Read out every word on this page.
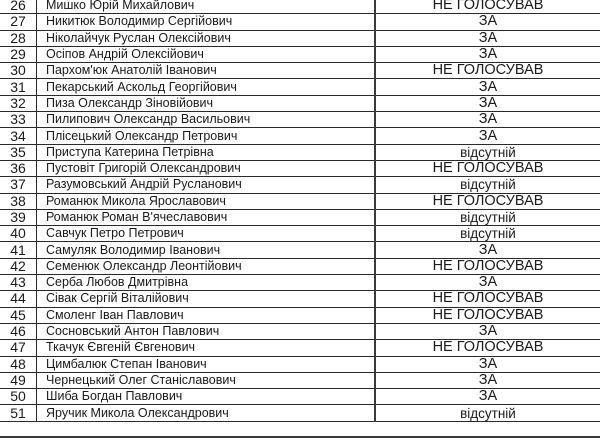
26	Мишко Юрій Михайлович	НЕ ГОЛОСУВАВ
27	Никитюк Володимир Сергійович	ЗА
28	Ніколайчук Руслан Олексійович	ЗА
29	Осіпов Андрій Олексійович	ЗА
30	Пархом'юк Анатолій Іванович	НЕ ГОЛОСУВАВ
31	Пекарський Аскольд Георгійович	ЗА
32	Пиза Олександр Зіновійович	ЗА
33	Пилипович Олександр Васильович	ЗА
34	Плісецький Олександр Петрович	ЗА
35	Приступа Катерина Петрівна	відсутній
36	Пустовіт Григорій Олександрович	НЕ ГОЛОСУВАВ
37	Разумовський Андрій Русланович	відсутній
38	Романюк Микола Ярославович	НЕ ГОЛОСУВАВ
39	Романюк Роман В'ячеславович	відсутній
40	Савчук Петро Петрович	відсутній
41	Самуляк Володимир Іванович	ЗА
42	Семенюк Олександр Леонтійович	НЕ ГОЛОСУВАВ
43	Серба Любов Дмитрівна	ЗА
44	Сівак Сергій Віталійович	НЕ ГОЛОСУВАВ
45	Смоленг Іван Павлович	НЕ ГОЛОСУВАВ
46	Сосновський Антон Павлович	ЗА
47	Ткачук Євгеній Євгенович	НЕ ГОЛОСУВАВ
48	Цимбалюк Степан Іванович	ЗА
49	Чернецький Олег Станіславович	ЗА
50	Шиба Богдан Павлович	ЗА
51	Яручик Микола Олександрович	відсутній
